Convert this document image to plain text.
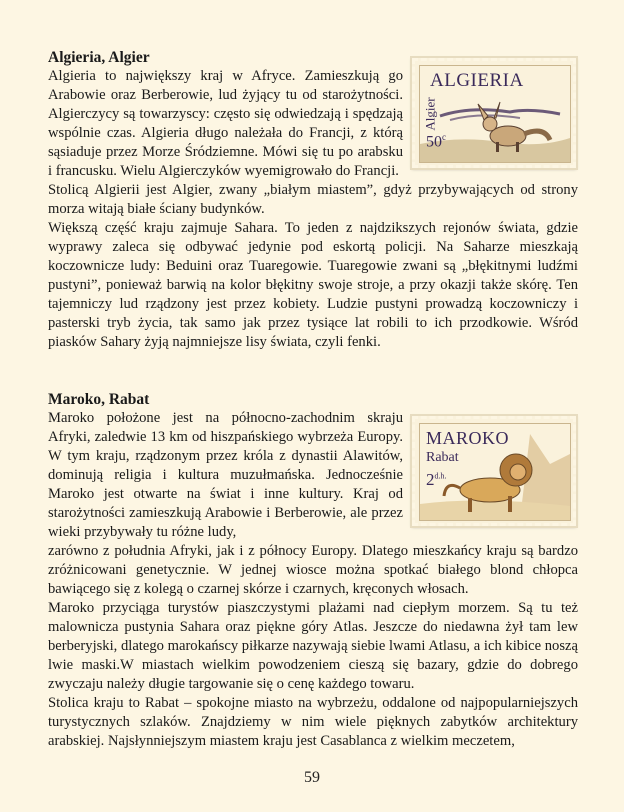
Algieria, Algier

Algieria to największy kraj w Afryce. Zamieszkują go Arabowie oraz Berberowie, lud żyjący tu od starożytności. Algierczycy są towarzyscy: często się odwiedzają i spędzają wspólnie czas. Algieria długo należała do Francji, z którą sąsiaduje przez Morze Śródziemne. Mówi się tu po arabsku i francusku. Wielu Algierczyków wyemigrowało do Francji.

Stolicą Algierii jest Algier, zwany „białym miastem”, gdyż przybywających od strony morza witają białe ściany budynków.

Większą część kraju zajmuje Sahara. To jeden z najdzikszych rejonów świata, gdzie wyprawy zaleca się odbywać jedynie pod eskortą policji. Na Saharze mieszkają koczownicze ludy: Beduini oraz Tuaregowie. Tuaregowie zwani są „błękitnymi ludźmi pustyni”, ponieważ barwią na kolor błękitny swoje stroje, a przy okazji także skórę. Ten tajemniczy lud rządzony jest przez kobiety. Ludzie pustyni prowadzą koczowniczy i pasterski tryb życia, tak samo jak przez tysiące lat robili to ich przodkowie. Wśród piasków Sahary żyją najmniejsze lisy świata, czyli fenki.

ALGIERIA
Algier
50$^c$

Maroko, Rabat

Maroko położone jest na północno-zachodnim skraju Afryki, zaledwie 13 km od hiszpańskiego wybrzeża Europy. W tym kraju, rządzonym przez króla z dynastii Alawitów, dominują religia i kultura muzułmańska. Jednocześnie Maroko jest otwarte na świat i inne kultury. Kraj od starożytności zamieszkują Arabowie i Berberowie, ale przez wieki przybywały tu różne ludy,

zarówno z południa Afryki, jak i z północy Europy. Dlatego mieszkańcy kraju są bardzo zróżnicowani genetycznie. W jednej wiosce można spotkać białego blond chłopca bawiącego się z kolegą o czarnej skórze i czarnych, kręconych włosach.

Maroko przyciąga turystów piaszczystymi plażami nad ciepłym morzem. Są tu też malownicza pustynia Sahara oraz piękne góry Atlas. Jeszcze do niedawna żył tam lew berberyjski, dlatego marokańscy piłkarze nazywają siebie lwami Atlasu, a ich kibice noszą lwie maski.W miastach wielkim powodzeniem cieszą się bazary, gdzie do dobrego zwyczaju należy długie targowanie się o cenę każdego towaru.

Stolica kraju to Rabat – spokojne miasto na wybrzeżu, oddalone od najpopularniejszych turystycznych szlaków. Znajdziemy w nim wiele pięknych zabytków architektury arabskiej. Najsłynniejszym miastem kraju jest Casablanca z wielkim meczetem,

MAROKO
Rabat
$2^{d.h.}$
59
